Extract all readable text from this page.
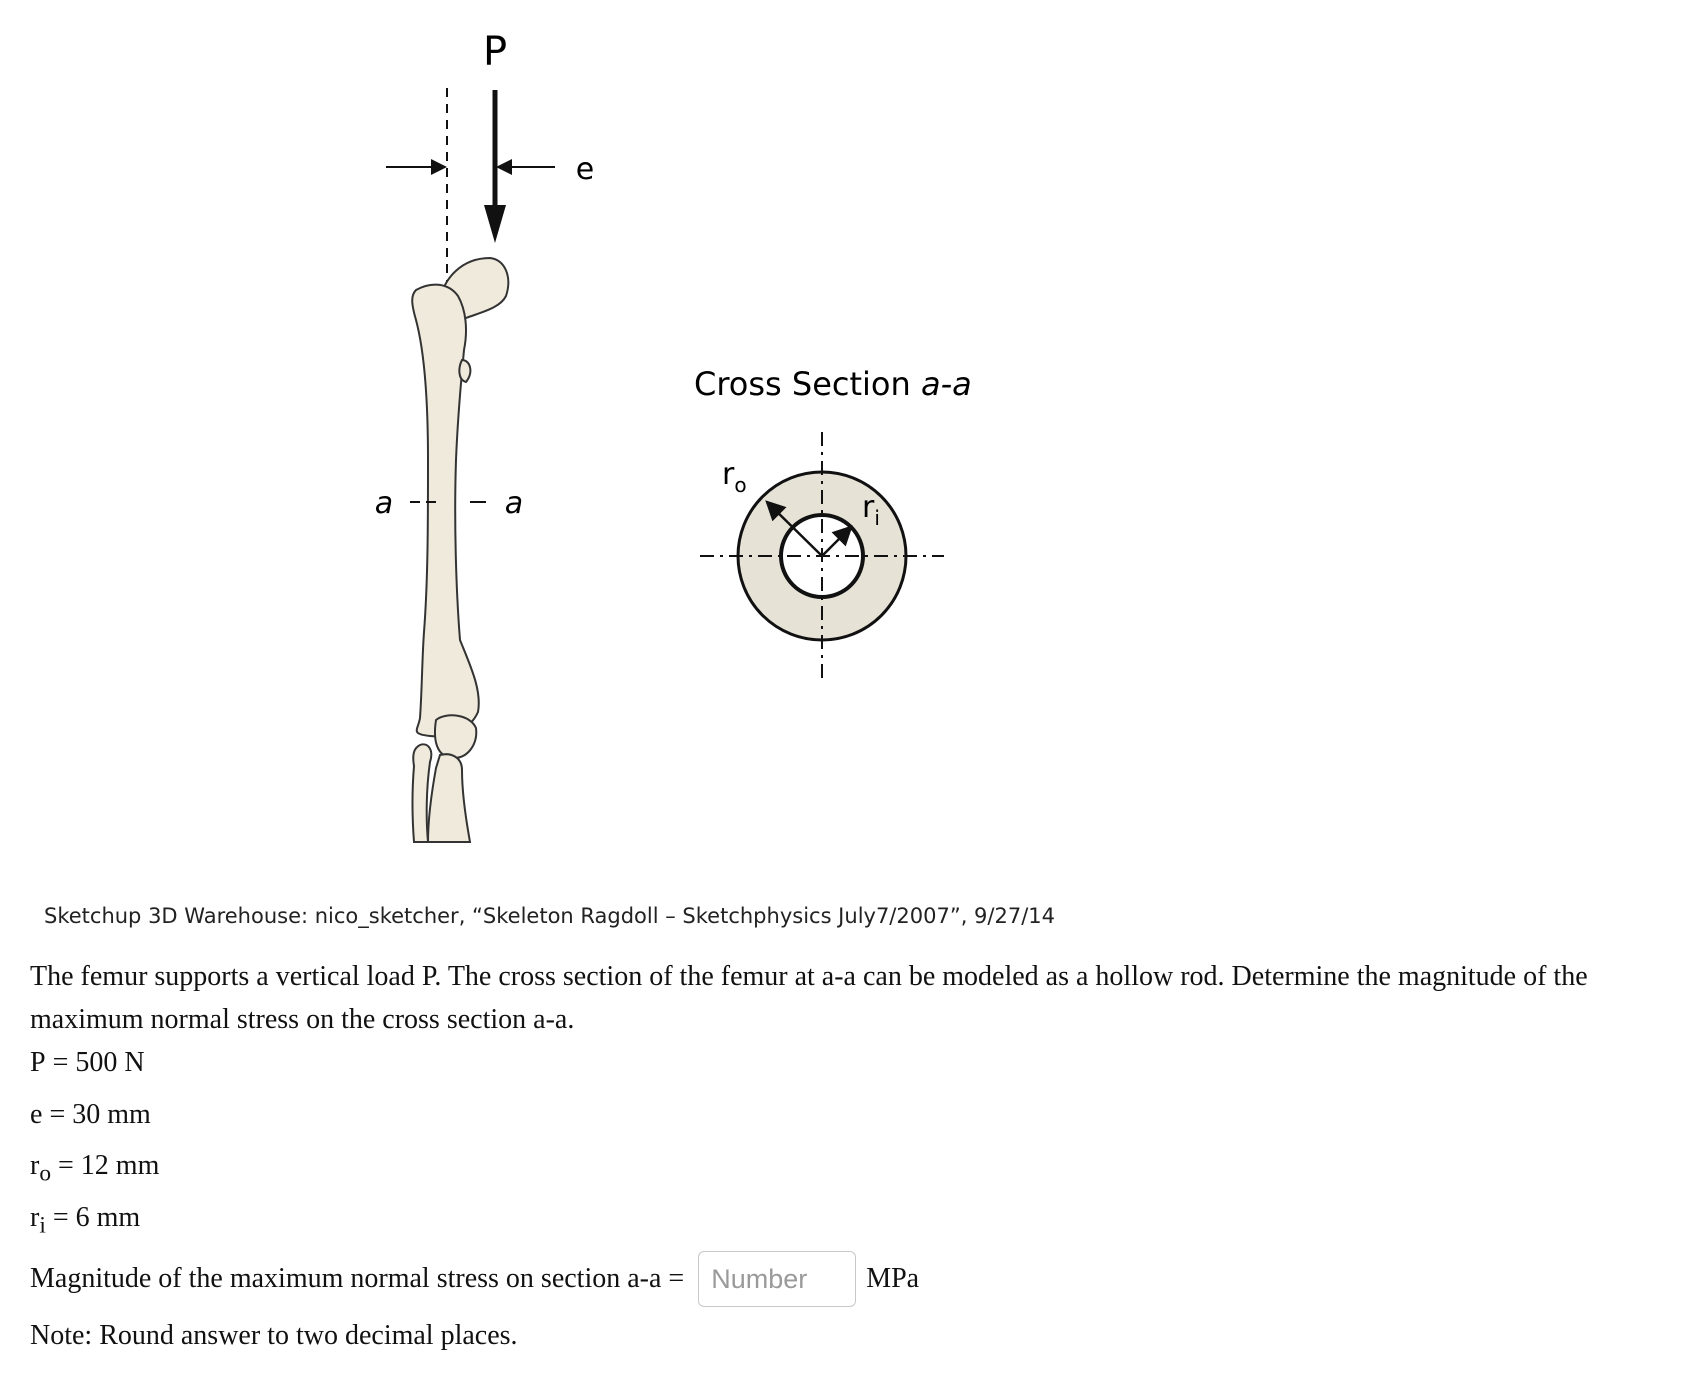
P
e
a	a
Cross Section a-a
$r_o$
$r_i$
Sketchup 3D Warehouse: nico_sketcher, “Skeleton Ragdoll – Sketchphysics July7/2007”, 9/27/14

The femur supports a vertical load P. The cross section of the femur at a-a can be modeled as a hollow rod. Determine the magnitude of the maximum normal stress on the cross section a-a.

P = 500 N
e = 30 mm
$r_o = 12$ mm
$r_i = 6$ mm
Magnitude of the maximum normal stress on section a-a =
Number	MPa
Note: Round answer to two decimal places.
